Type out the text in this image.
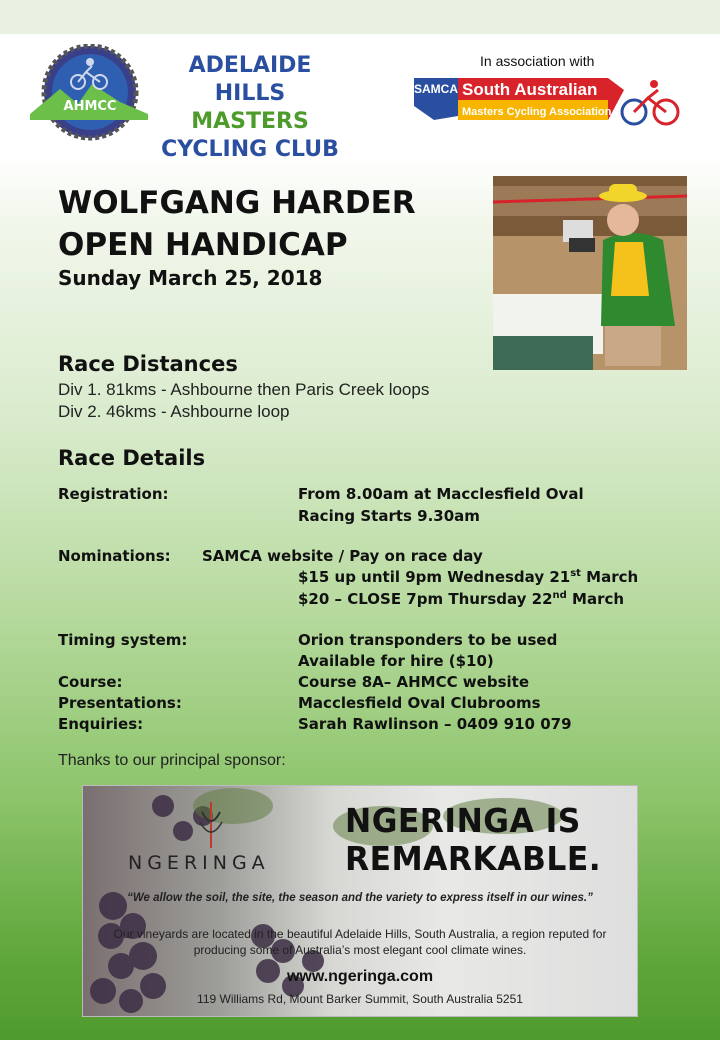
AHMCC
ADELAIDE HILLS
MASTERS
CYCLING CLUB
In association with
SAMCA South Australian
Masters Cycling Association
WOLFGANG HARDER
OPEN HANDICAP
Sunday March 25, 2018
Race Distances
Div 1. 81kms - Ashbourne then Paris Creek loops
Div 2. 46kms - Ashbourne loop
Race Details
Registration:	From 8.00am at Macclesfield Oval
Racing Starts 9.30am
Nominations: SAMCA website / Pay on race day
$15 up until 9pm Wednesday 21st March
$20 – CLOSE 7pm Thursday 22nd March
Timing system:	Orion transponders to be used
Available for hire ($10)
Course:	Course 8A– AHMCC website
Presentations:	Macclesfield Oval Clubrooms
Enquiries:	Sarah Rawlinson – 0409 910 079
Thanks to our principal sponsor:
NGERINGA
NGERINGA IS
REMARKABLE.
“We allow the soil, the site, the season and the variety to express itself in our wines.”
Our vineyards are located in the beautiful Adelaide Hills, South Australia, a region reputed for producing some of Australia’s most elegant cool climate wines.
www.ngeringa.com
119 Williams Rd, Mount Barker Summit, South Australia 5251
